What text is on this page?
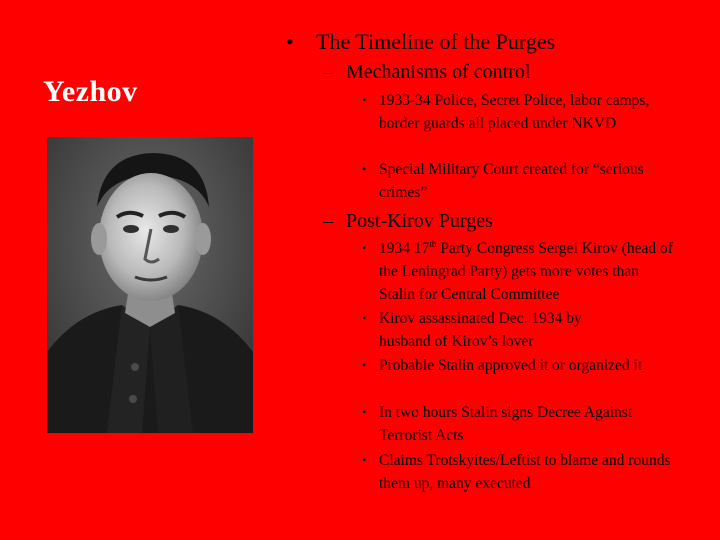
Yezhov
• The Timeline of the Purges
– Mechanisms of control
• 1933-34 Police, Secret Police, labor camps, border guards all placed under NKVD
• Special Military Court created for “serious crimes”
– Post-Kirov Purges
• 1934 17th Party Congress Sergei Kirov (head of the Leningrad Party) gets more votes than Stalin for Central Committee
• Kirov assassinated Dec. 1934 by husband of Kirov’s lover
• Probable Stalin approved it or organized it
• In two hours Stalin signs Decree Against Terrorist Acts
• Claims Trotskyites/Leftist to blame and rounds them up, many executed
